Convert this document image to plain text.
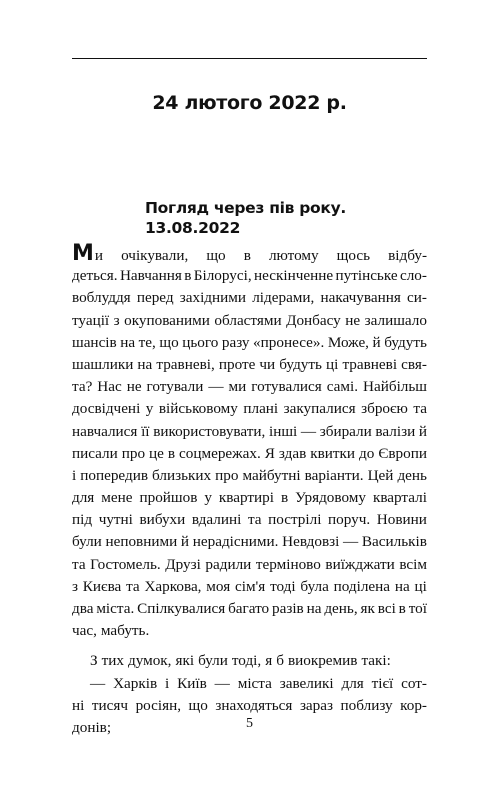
24 лютого 2022 р.
Погляд через пів року.
13.08.2022
Ми очікували, що в лютому щось відбу-
деться. Навчання в Білорусі, нескінченне путінське сло-
воблуддя перед західними лідерами, накачування си-
туації з окупованими областями Донбасу не залишало
шансів на те, що цього разу «пронесе». Може, й будуть
шашлики на травневі, проте чи будуть ці травневі свя-
та? Нас не готували — ми готувалися самі. Найбільш
досвідчені у військовому плані закупалися зброєю та
навчалися її використовувати, інші — збирали валізи й
писали про це в соцмережах. Я здав квитки до Європи
і попередив близьких про майбутні варіанти. Цей день
для мене пройшов у квартирі в Урядовому кварталі
під чутні вибухи вдалині та пострілі поруч. Новини
були неповними й нерадісними. Невдовзі — Васильків
та Гостомель. Друзі радили терміново виїжджати всім
з Києва та Харкова, моя сім'я тоді була поділена на ці
два міста. Спілкувалися багато разів на день, як всі в тої
час, мабуть.
З тих думок, які були тоді, я б виокремив такі:
— Харків і Київ — міста завеликі для тієї сот-
ні тисяч росіян, що знаходяться зараз поблизу кор-
донів;	5
